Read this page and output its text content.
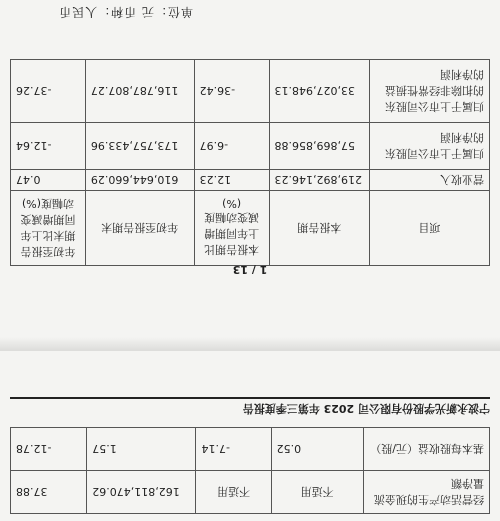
单位：元 币种：人民币
项目	本报告期	本报告期比上年同期增减变动幅度(%)	年初至报告期末	年初至报告期末比上年同期增减变动幅度(%)
营业收入	219,892,146.23	12.23	610,644,660.29	0.47
归属于上市公司股东的净利润	57,869,856.88	-6.97	173,757,433.96	-12.64
归属于上市公司股东的扣除非经常性损益的净利润	33,027,948.13	-36.42	116,787,807.27	-37.26
1 / 13
宁波永新光学股份有限公司 2023 年第三季度报告
经营活动产生的现金流量净额	不适用	不适用	162,811,470.62	37.88
基本每股收益（元/股）	0.52	-7.14	1.57	-12.78
